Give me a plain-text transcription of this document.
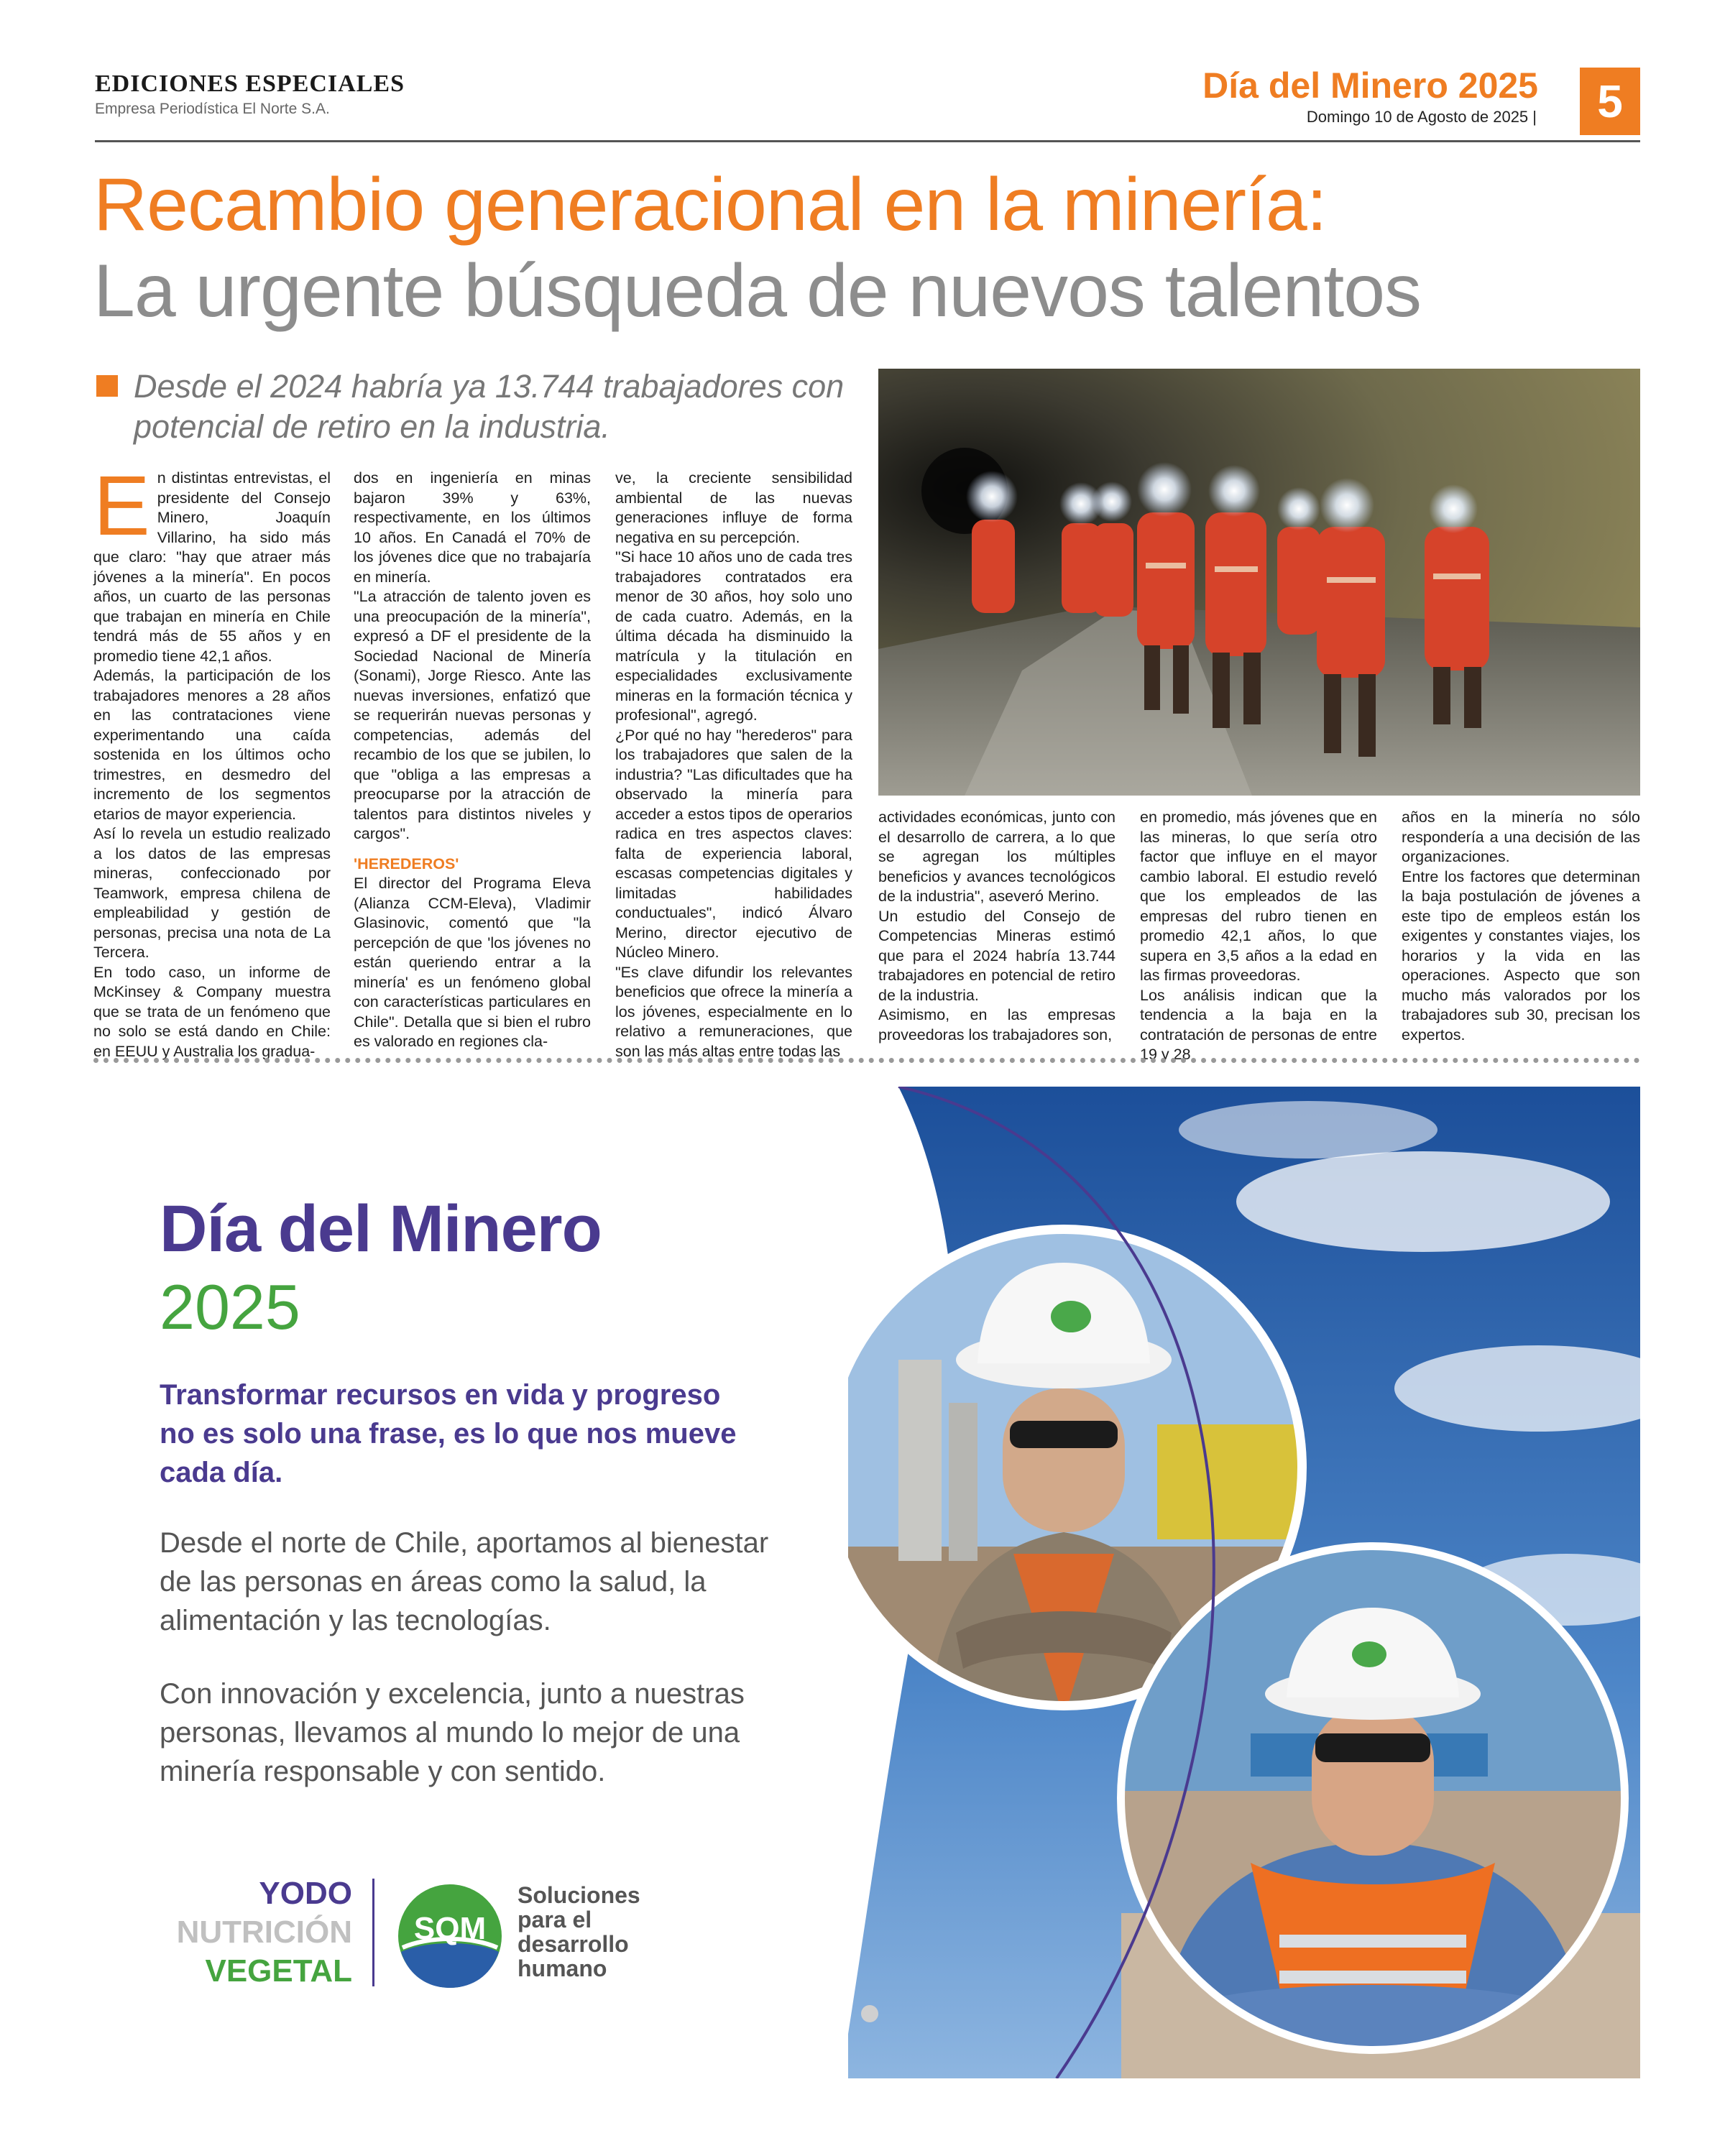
EDICIONES ESPECIALES
Empresa Periodística El Norte S.A.
Día del Minero 2025
Domingo 10 de Agosto de 2025 |	5
Recambio generacional en la minería:
La urgente búsqueda de nuevos talentos
Desde el 2024 habría ya 13.744 trabajadores con potencial de retiro en la industria.
E n distintas entrevistas, el presidente del Consejo Minero, Joaquín Villarino, ha sido más que claro: "hay que atraer más jóvenes a la minería". En pocos años, un cuarto de las personas que trabajan en minería en Chile tendrá más de 55 años y en promedio tiene 42,1 años.

Además, la participación de los trabajadores menores a 28 años en las contrataciones viene experimentando una caída sostenida en los últimos ocho trimestres, en desmedro del incremento de los segmentos etarios de mayor experiencia.

Así lo revela un estudio realizado a los datos de las empresas mineras, confeccionado por Teamwork, empresa chilena de empleabilidad y gestión de personas, precisa una nota de La Tercera.

En todo caso, un informe de McKinsey & Company muestra que se trata de un fenómeno que no solo se está dando en Chile: en EEUU y Australia los gradua-

dos en ingeniería en minas bajaron 39% y 63%, respectivamente, en los últimos 10 años. En Canadá el 70% de los jóvenes dice que no trabajaría en minería.

"La atracción de talento joven es una preocupación de la minería", expresó a DF el presidente de la Sociedad Nacional de Minería (Sonami), Jorge Riesco. Ante las nuevas inversiones, enfatizó que se requerirán nuevas personas y competencias, además del recambio de los que se jubilen, lo que "obliga a las empresas a preocuparse por la atracción de talentos para distintos niveles y cargos".

'HEREDEROS'

El director del Programa Eleva (Alianza CCM-Eleva), Vladimir Glasinovic, comentó que "la percepción de que 'los jóvenes no están queriendo entrar a la minería' es un fenómeno global con características particulares en Chile". Detalla que si bien el rubro es valorado en regiones cla-

ve, la creciente sensibilidad ambiental de las nuevas generaciones influye de forma negativa en su percepción.

"Si hace 10 años uno de cada tres trabajadores contratados era menor de 30 años, hoy solo uno de cada cuatro. Además, en la última década ha disminuido la matrícula y la titulación en especialidades exclusivamente mineras en la formación técnica y profesional", agregó.

¿Por qué no hay "herederos" para los trabajadores que salen de la industria? "Las dificultades que ha observado la minería para acceder a estos tipos de operarios radica en tres aspectos claves: falta de experiencia laboral, escasas competencias digitales y limitadas habilidades conductuales", indicó Álvaro Merino, director ejecutivo de Núcleo Minero.

"Es clave difundir los relevantes beneficios que ofrece la minería a los jóvenes, especialmente en lo relativo a remuneraciones, que son las más altas entre todas las

actividades económicas, junto con el desarrollo de carrera, a lo que se agregan los múltiples beneficios y avances tecnológicos de la industria", aseveró Merino.

Un estudio del Consejo de Competencias Mineras estimó que para el 2024 habría 13.744 trabajadores en potencial de retiro de la industria.

Asimismo, en las empresas proveedoras los trabajadores son,

en promedio, más jóvenes que en las mineras, lo que sería otro factor que influye en el mayor cambio laboral. El estudio reveló que los empleados de las empresas del rubro tienen en promedio 42,1 años, lo que supera en 3,5 años a la edad en las firmas proveedoras.

Los análisis indican que la tendencia a la baja en la contratación de personas de entre 19 y 28

años en la minería no sólo respondería a una decisión de las organizaciones.

Entre los factores que determinan la baja postulación de jóvenes a este tipo de empleos están los exigentes y constantes viajes, los horarios y la vida en las operaciones. Aspecto que son mucho más valorados por los trabajadores sub 30, precisan los expertos.

Día del Minero
2025
Transformar recursos en vida y progreso no es solo una frase, es lo que nos mueve cada día.
Desde el norte de Chile, aportamos al bienestar de las personas en áreas como la salud, la alimentación y las tecnologías.
Con innovación y excelencia, junto a nuestras personas, llevamos al mundo lo mejor de una minería responsable y con sentido.
YODO
NUTRICIÓN
VEGETAL
SQM
Soluciones
para el
desarrollo
humano
